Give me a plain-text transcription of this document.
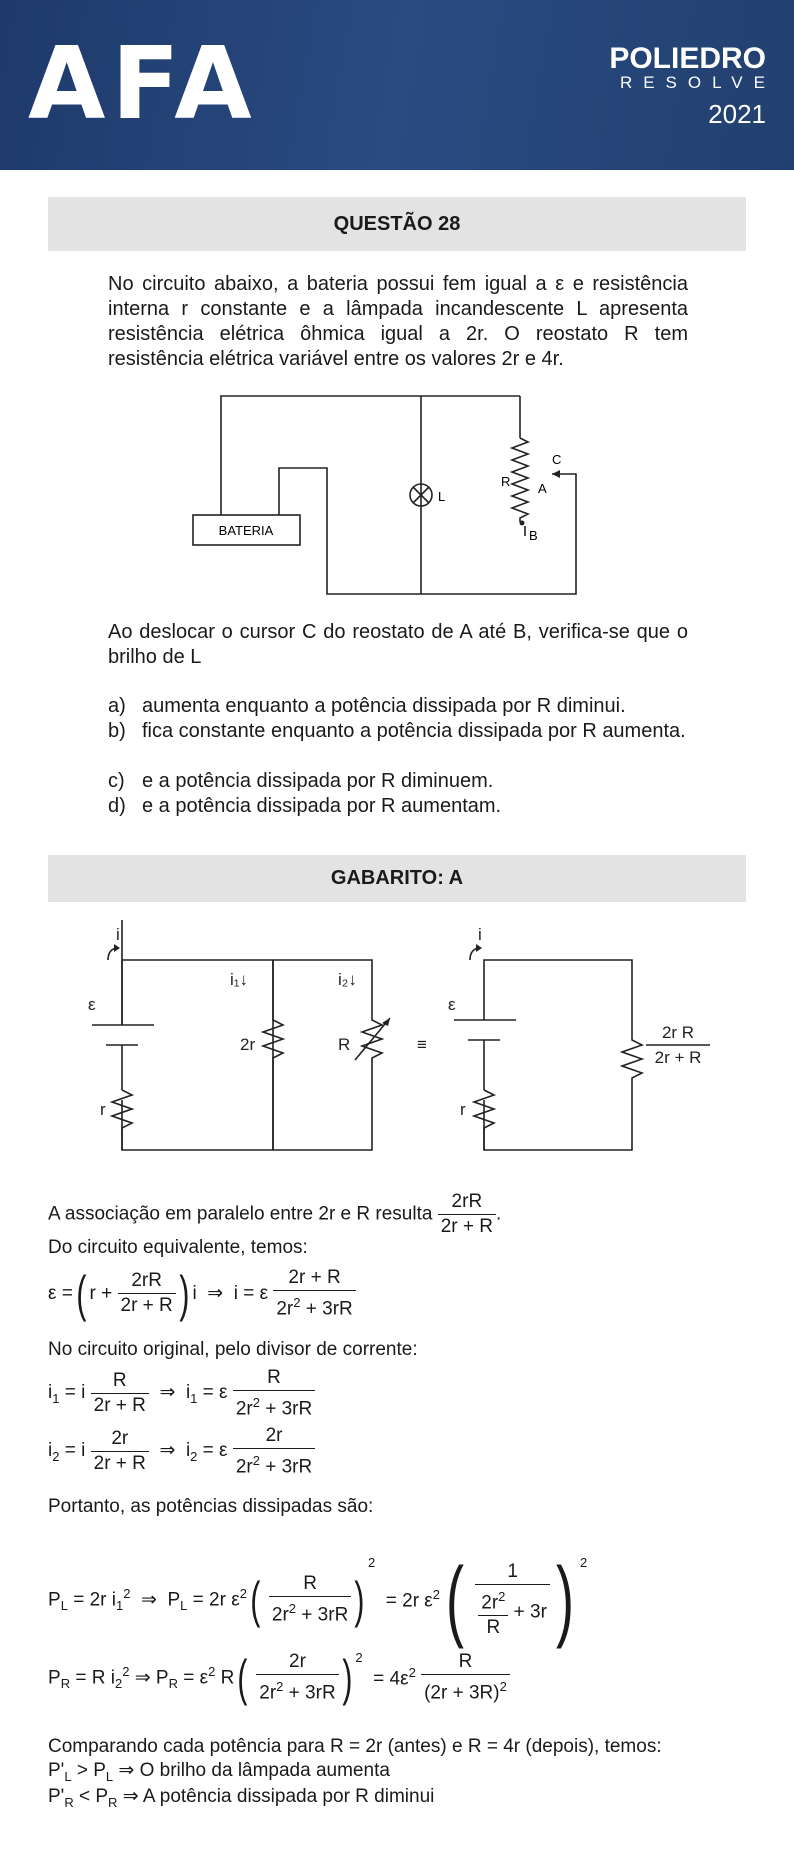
AFA	POLIEDRO
RESOLVE
2021
QUESTÃO 28
No circuito abaixo, a bateria possui fem igual a ε e resistência interna r constante e a lâmpada incandescente L apresenta resistência elétrica ôhmica igual a 2r. O reostato R tem resistência elétrica variável entre os valores 2r e 4r.
BATERIA
L
R
C
A
B
Ao deslocar o cursor C do reostato de A até B, verifica-se que o brilho de L
a) aumenta enquanto a potência dissipada por R diminui.
b) fica constante enquanto a potência dissipada por R aumenta.
c) e a potência dissipada por R diminuem.
d) e a potência dissipada por R aumentam.
GABARITO: A
i
i₁↓	i₂↓
ε
r
2r	R	≡
i
ε
r
2r R
2r + R
A associação em paralelo entre 2r e R resulta $\frac{2rR}{2r + R}$ .
Do circuito equivalente, temos:
ε =( $r + \frac{2rR}{2r + R}$ ) i  ⇒  i = ε $\frac{2r + R}{2r^2 + 3rR}$
No circuito original, pelo divisor de corrente:
$i_1 = i \frac{R}{2r + R}$ ⇒  $i_1 = \varepsilon \frac{R}{2r^2 + 3rR}$
$i_2 = i \frac{2r}{2r + R}$ ⇒  $i_2 = \varepsilon \frac{2r}{2r^2 + 3rR}$
Portanto, as potências dissipadas são:
$P_L = 2r$ $i_1^2$  ⇒  $P_L = 2r$ $\varepsilon^2( \frac{R}{2r^2 + 3rR} )2 = 2r$ $\varepsilon^2( \frac{1}{\frac{2r^2}{R} + 3r}$ ) 2
$P_R = R$ $i_2^2$ ⇒ $P_R = \varepsilon^2$ $R( \frac{2r}{2r^2 + 3rR}$ ) $2 = 4\varepsilon^2 \frac{R}{(2r + 3R)^2}$
Comparando cada potência para R = 2r (antes) e R = 4r (depois), temos:
$P'_L > P_L$ ⇒ O brilho da lâmpada aumenta
$P'_R < P_R$ ⇒ A potência dissipada por R diminui
